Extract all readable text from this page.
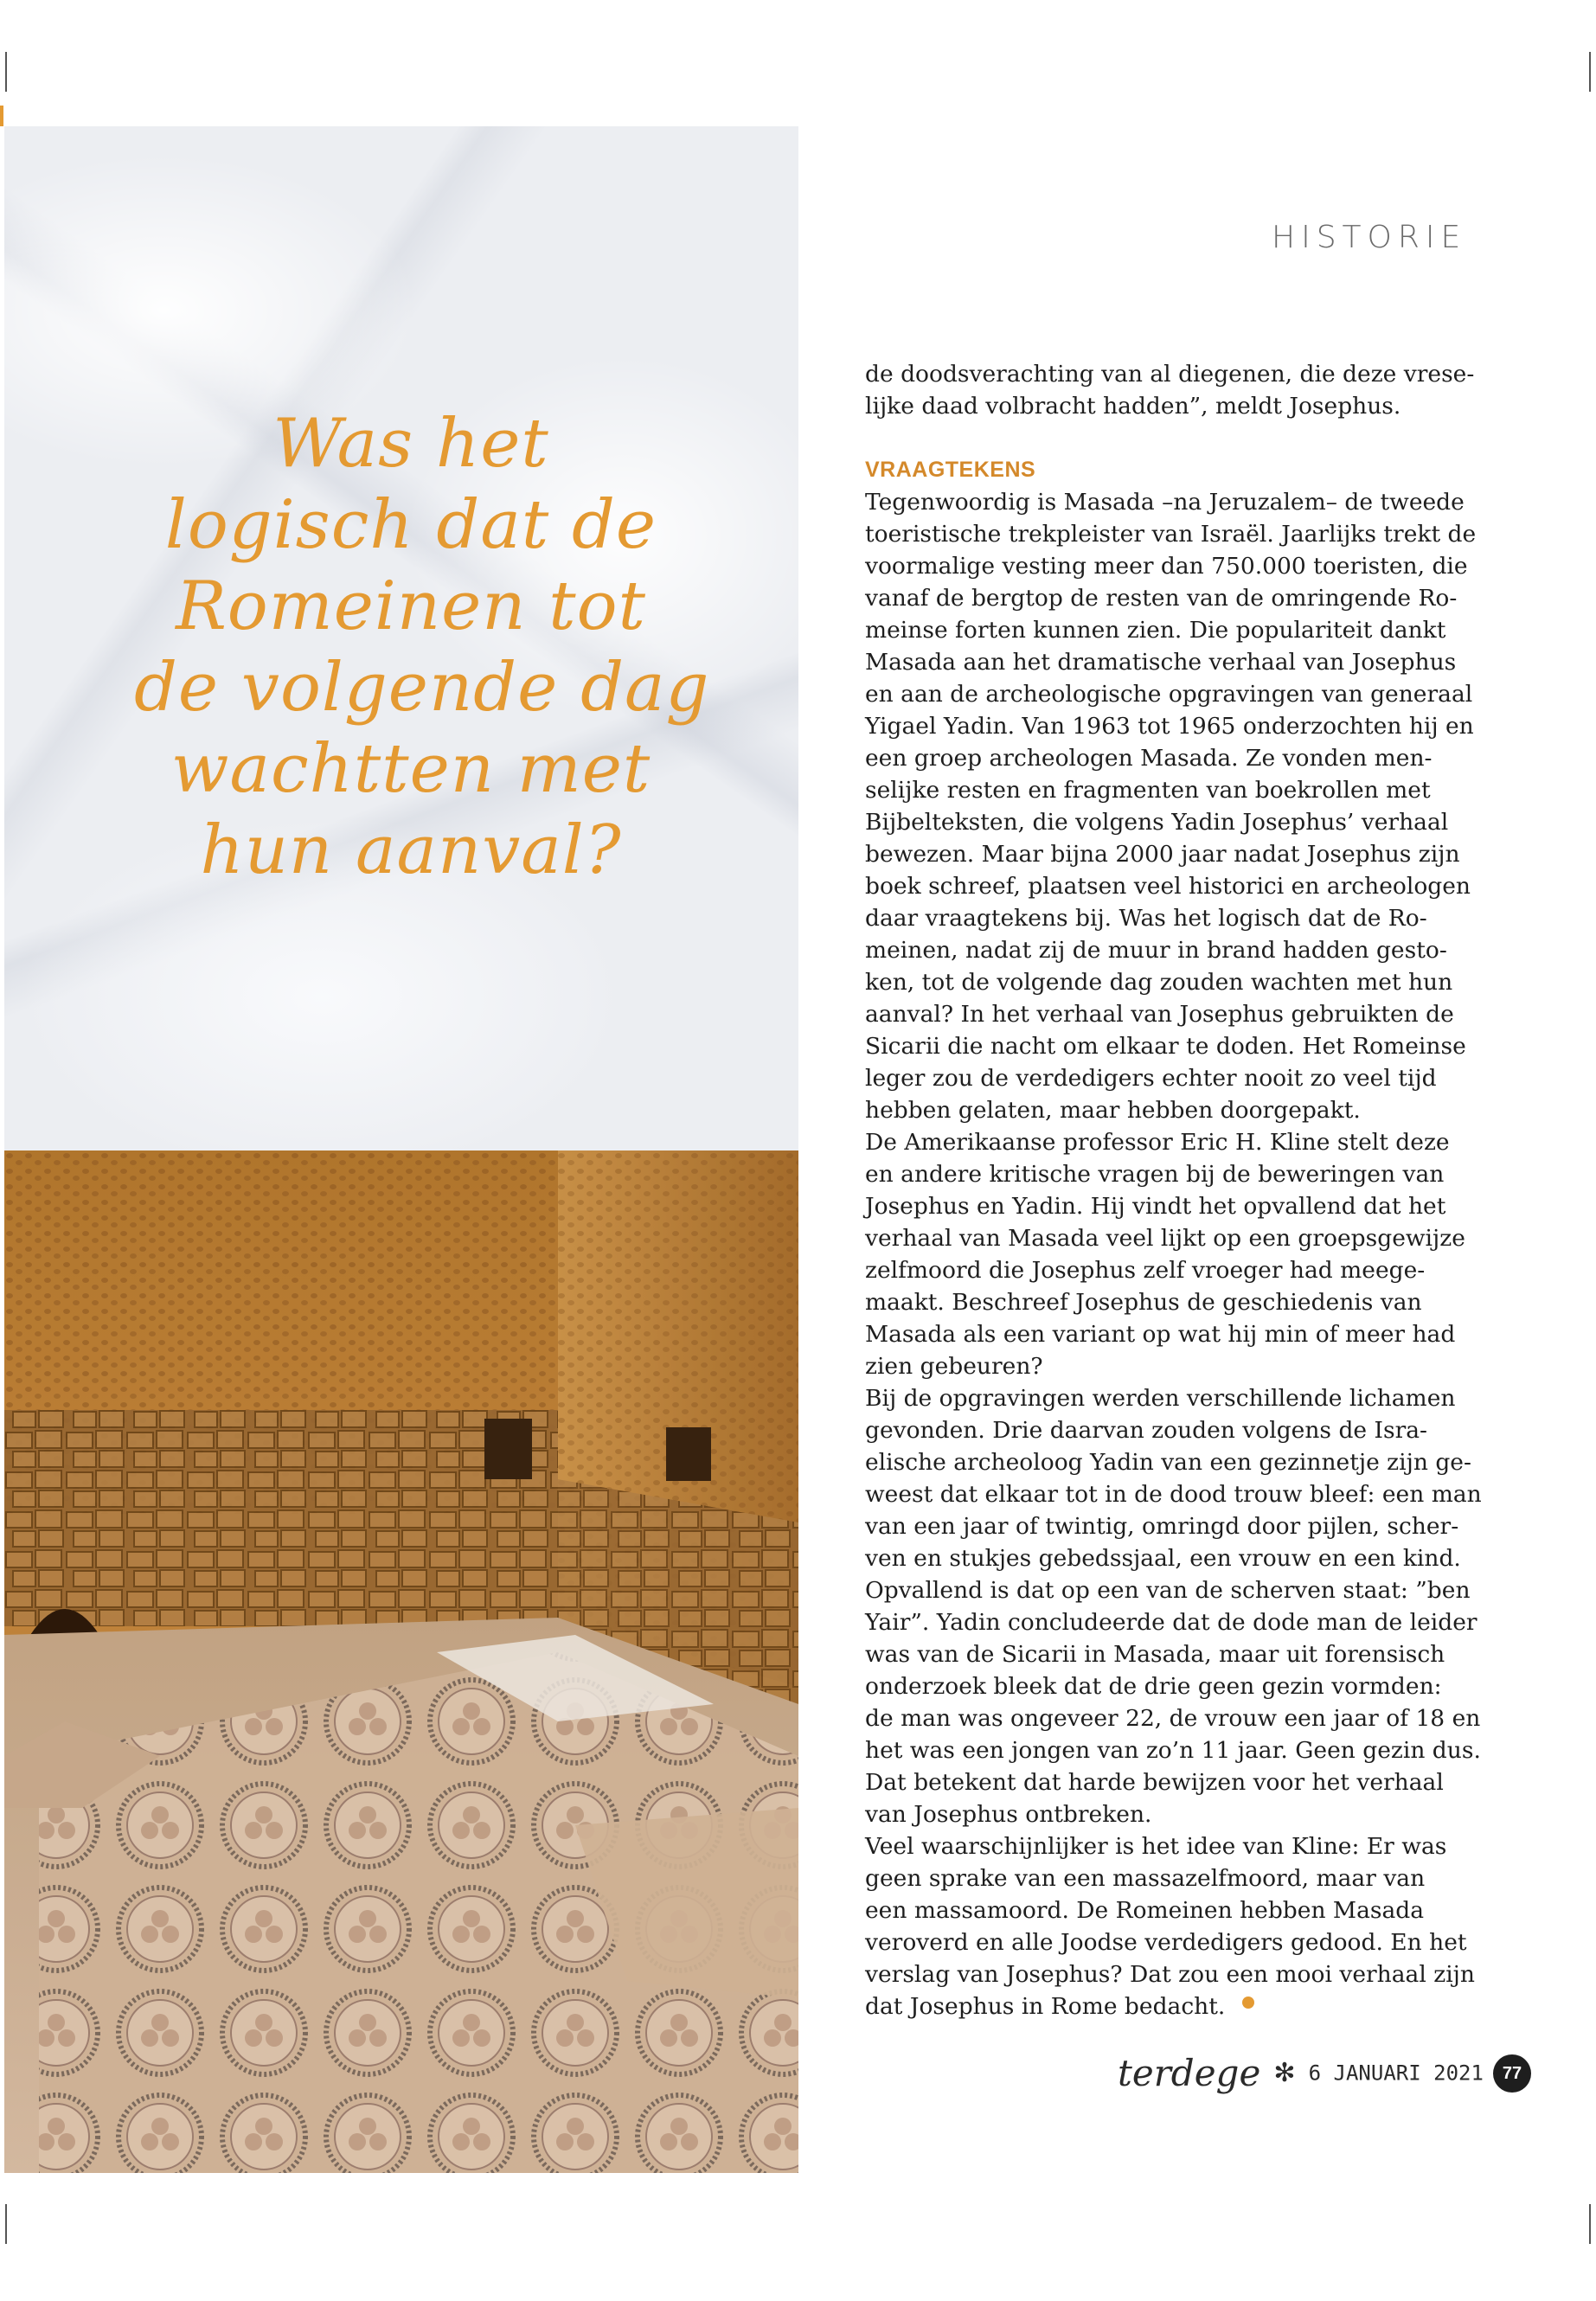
Was het
logisch dat de
Romeinen tot
de volgende dag
wachtten met
hun aanval?
HISTORIE

de doodsverachting van al diegenen, die deze vrese-

lijke daad volbracht hadden”, meldt Josephus.

VRAAGTEKENS

Tegenwoordig is Masada –na Jeruzalem– de tweede

toeristische trekpleister van Israël. Jaarlijks trekt de

voormalige vesting meer dan 750.000 toeristen, die

vanaf de bergtop de resten van de omringende Ro-

meinse forten kunnen zien. Die populariteit dankt

Masada aan het dramatische verhaal van Josephus

en aan de archeologische opgravingen van generaal

Yigael Yadin. Van 1963 tot 1965 onderzochten hij en

een groep archeologen Masada. Ze vonden men-

selijke resten en fragmenten van boekrollen met

Bijbelteksten, die volgens Yadin Josephus’ verhaal

bewezen. Maar bijna 2000 jaar nadat Josephus zijn

boek schreef, plaatsen veel historici en archeologen

daar vraagtekens bij. Was het logisch dat de Ro-

meinen, nadat zij de muur in brand hadden gesto-

ken, tot de volgende dag zouden wachten met hun

aanval? In het verhaal van Josephus gebruikten de

Sicarii die nacht om elkaar te doden. Het Romeinse

leger zou de verdedigers echter nooit zo veel tijd

hebben gelaten, maar hebben doorgepakt.

De Amerikaanse professor Eric H. Kline stelt deze

en andere kritische vragen bij de beweringen van

Josephus en Yadin. Hij vindt het opvallend dat het

verhaal van Masada veel lijkt op een groepsgewijze

zelfmoord die Josephus zelf vroeger had meege-

maakt. Beschreef Josephus de geschiedenis van

Masada als een variant op wat hij min of meer had

zien gebeuren?

Bij de opgravingen werden verschillende lichamen

gevonden. Drie daarvan zouden volgens de Isra-

elische archeoloog Yadin van een gezinnetje zijn ge-

weest dat elkaar tot in de dood trouw bleef: een man

van een jaar of twintig, omringd door pijlen, scher-

ven en stukjes gebedssjaal, een vrouw en een kind.

Opvallend is dat op een van de scherven staat: ”ben

Yair”. Yadin concludeerde dat de dode man de leider

was van de Sicarii in Masada, maar uit forensisch

onderzoek bleek dat de drie geen gezin vormden:

de man was ongeveer 22, de vrouw een jaar of 18 en

het was een jongen van zo’n 11 jaar. Geen gezin dus.

Dat betekent dat harde bewijzen voor het verhaal

van Josephus ontbreken.

Veel waarschijnlijker is het idee van Kline: Er was

geen sprake van een massazelfmoord, maar van

een massamoord. De Romeinen hebben Masada

veroverd en alle Joodse verdedigers gedood. En het

verslag van Josephus? Dat zou een mooi verhaal zijn

dat Josephus in Rome bedacht.

terdege ✻ 6 JANUARI 2021	77
